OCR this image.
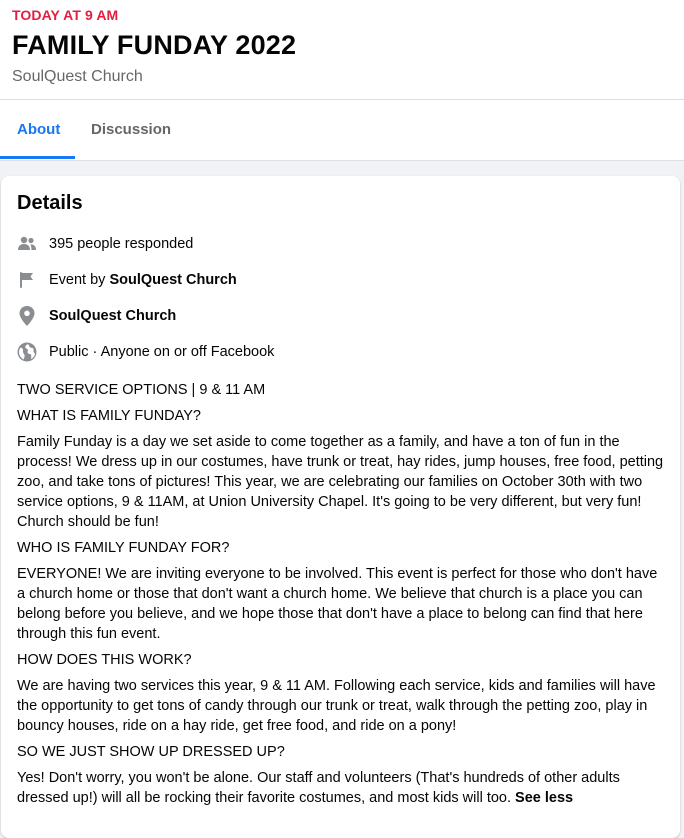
TODAY AT 9 AM
FAMILY FUNDAY 2022
SoulQuest Church
About Discussion
Details
395 people responded
Event by SoulQuest Church
SoulQuest Church
Public · Anyone on or off Facebook

TWO SERVICE OPTIONS | 9 & 11 AM

WHAT IS FAMILY FUNDAY?

Family Funday is a day we set aside to come together as a family, and have a ton of fun in the process! We dress up in our costumes, have trunk or treat, hay rides, jump houses, free food, petting zoo, and take tons of pictures! This year, we are celebrating our families on October 30th with two service options, 9 & 11AM, at Union University Chapel. It's going to be very different, but very fun! Church should be fun!

WHO IS FAMILY FUNDAY FOR?

EVERYONE! We are inviting everyone to be involved. This event is perfect for those who don't have a church home or those that don't want a church home. We believe that church is a place you can belong before you believe, and we hope those that don't have a place to belong can find that here through this fun event.

HOW DOES THIS WORK?

We are having two services this year, 9 & 11 AM. Following each service, kids and families will have the opportunity to get tons of candy through our trunk or treat, walk through the petting zoo, play in bouncy houses, ride on a hay ride, get free food, and ride on a pony!

SO WE JUST SHOW UP DRESSED UP?

Yes! Don't worry, you won't be alone. Our staff and volunteers (That's hundreds of other adults dressed up!) will all be rocking their favorite costumes, and most kids will too. See less
